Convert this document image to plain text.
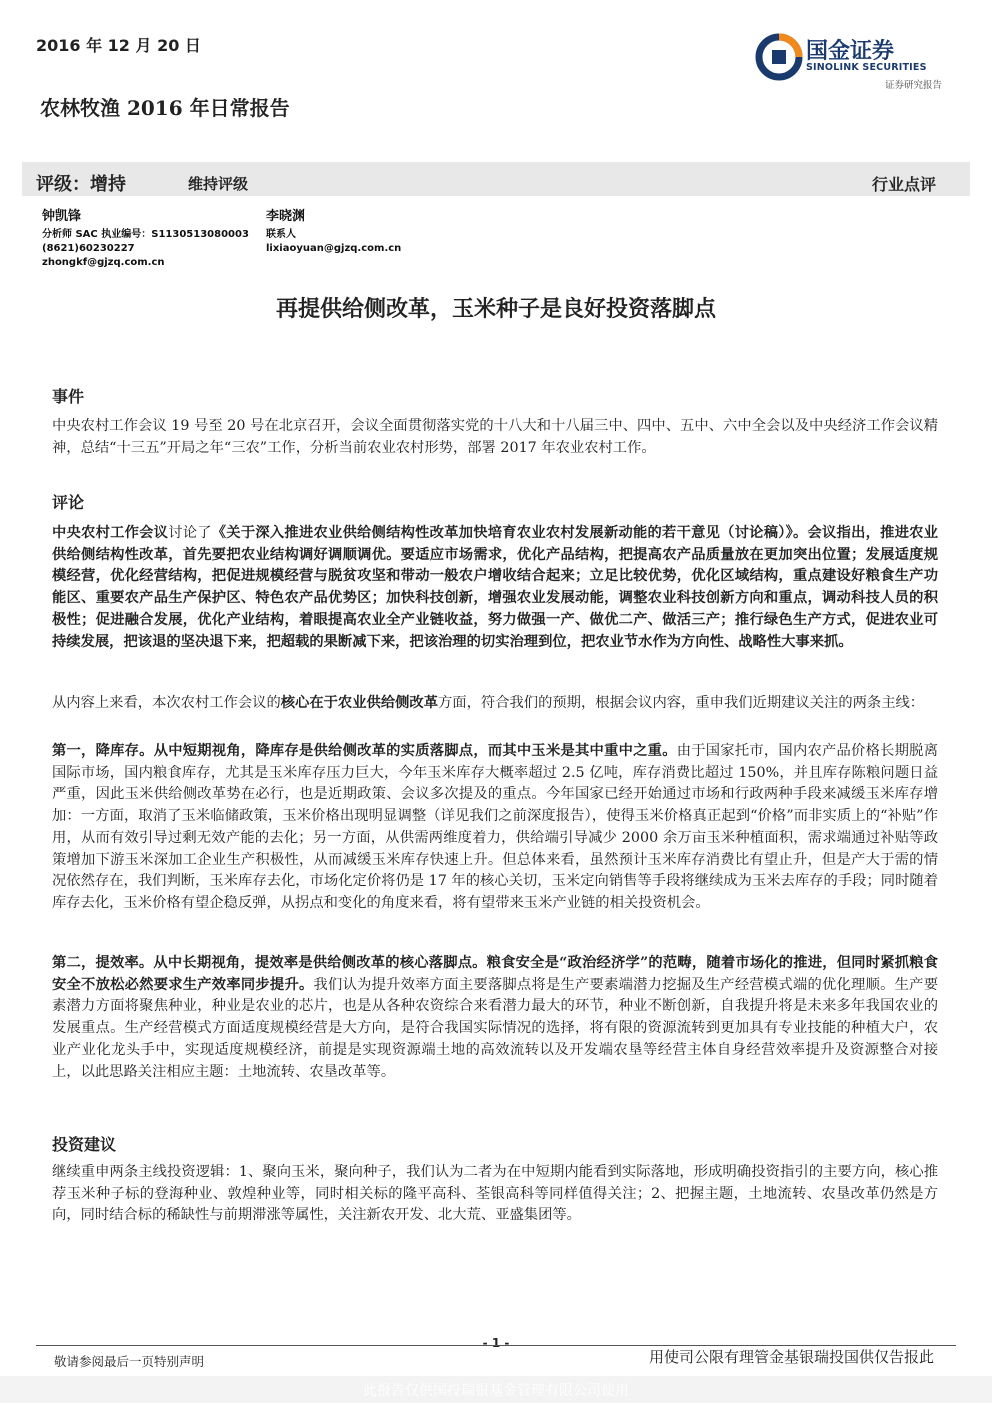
2016 年 12 月 20 日	国金证券
SINOLINK SECURITIES
证券研究报告
农林牧渔 2016 年日常报告
评级：增持	维持评级	行业点评
钟凯锋
分析师 SAC 执业编号：S1130513080003
(8621)60230227
zhongkf@gjzq.com.cn
李晓渊
联系人
lixiaoyuan@gjzq.com.cn
再提供给侧改革，玉米种子是良好投资落脚点
事件

中央农村工作会议 19 号至 20 号在北京召开，会议全面贯彻落实党的十八大和十八届三中、四中、五中、六中全会以及中央经济工作会议精神，总结“十三五”开局之年“三农”工作，分析当前农业农村形势，部署 2017 年农业农村工作。

评论

中央农村工作会议讨论了《关于深入推进农业供给侧结构性改革加快培育农业农村发展新动能的若干意见（讨论稿）》。会议指出，推进农业供给侧结构性改革，首先要把农业结构调好调顺调优。要适应市场需求，优化产品结构，把提高农产品质量放在更加突出位置；发展适度规模经营，优化经营结构，把促进规模经营与脱贫攻坚和带动一般农户增收结合起来；立足比较优势，优化区域结构，重点建设好粮食生产功能区、重要农产品生产保护区、特色农产品优势区；加快科技创新，增强农业发展动能，调整农业科技创新方向和重点，调动科技人员的积极性；促进融合发展，优化产业结构，着眼提高农业全产业链收益，努力做强一产、做优二产、做活三产；推行绿色生产方式，促进农业可持续发展，把该退的坚决退下来，把超载的果断减下来，把该治理的切实治理到位，把农业节水作为方向性、战略性大事来抓。

从内容上来看，本次农村工作会议的核心在于农业供给侧改革方面，符合我们的预期，根据会议内容，重申我们近期建议关注的两条主线：

第一，降库存。从中短期视角，降库存是供给侧改革的实质落脚点，而其中玉米是其中重中之重。由于国家托市，国内农产品价格长期脱离国际市场，国内粮食库存，尤其是玉米库存压力巨大，今年玉米库存大概率超过 2.5 亿吨，库存消费比超过 150%，并且库存陈粮问题日益严重，因此玉米供给侧改革势在必行，也是近期政策、会议多次提及的重点。今年国家已经开始通过市场和行政两种手段来减缓玉米库存增加：一方面，取消了玉米临储政策，玉米价格出现明显调整（详见我们之前深度报告），使得玉米价格真正起到“价格”而非实质上的“补贴”作用，从而有效引导过剩无效产能的去化；另一方面，从供需两维度着力，供给端引导减少 2000 余万亩玉米种植面积，需求端通过补贴等政策增加下游玉米深加工企业生产积极性，从而减缓玉米库存快速上升。但总体来看，虽然预计玉米库存消费比有望止升，但是产大于需的情况依然存在，我们判断，玉米库存去化，市场化定价将仍是 17 年的核心关切，玉米定向销售等手段将继续成为玉米去库存的手段；同时随着库存去化，玉米价格有望企稳反弹，从拐点和变化的角度来看，将有望带来玉米产业链的相关投资机会。

第二，提效率。从中长期视角，提效率是供给侧改革的核心落脚点。粮食安全是“政治经济学”的范畴，随着市场化的推进，但同时紧抓粮食安全不放松必然要求生产效率同步提升。我们认为提升效率方面主要落脚点将是生产要素端潜力挖掘及生产经营模式端的优化理顺。生产要素潜力方面将聚焦种业，种业是农业的芯片，也是从各种农资综合来看潜力最大的环节，种业不断创新，自我提升将是未来多年我国农业的发展重点。生产经营模式方面适度规模经营是大方向，是符合我国实际情况的选择，将有限的资源流转到更加具有专业技能的种植大户，农业产业化龙头手中，实现适度规模经济，前提是实现资源端土地的高效流转以及开发端农垦等经营主体自身经营效率提升及资源整合对接上，以此思路关注相应主题：土地流转、农垦改革等。

投资建议

继续重申两条主线投资逻辑：1、聚向玉米，聚向种子，我们认为二者为在中短期内能看到实际落地，形成明确投资指引的主要方向，核心推荐玉米种子标的登海种业、敦煌种业等，同时相关标的隆平高科、荃银高科等同样值得关注；2、把握主题，土地流转、农垦改革仍然是方向，同时结合标的稀缺性与前期滞涨等属性，关注新农开发、北大荒、亚盛集团等。

- 1 -
敬请参阅最后一页特别声明	用使司公限有理管金基银瑞投国供仅告报此
此报告仅供国投瑞银基金管理有限公司使用
